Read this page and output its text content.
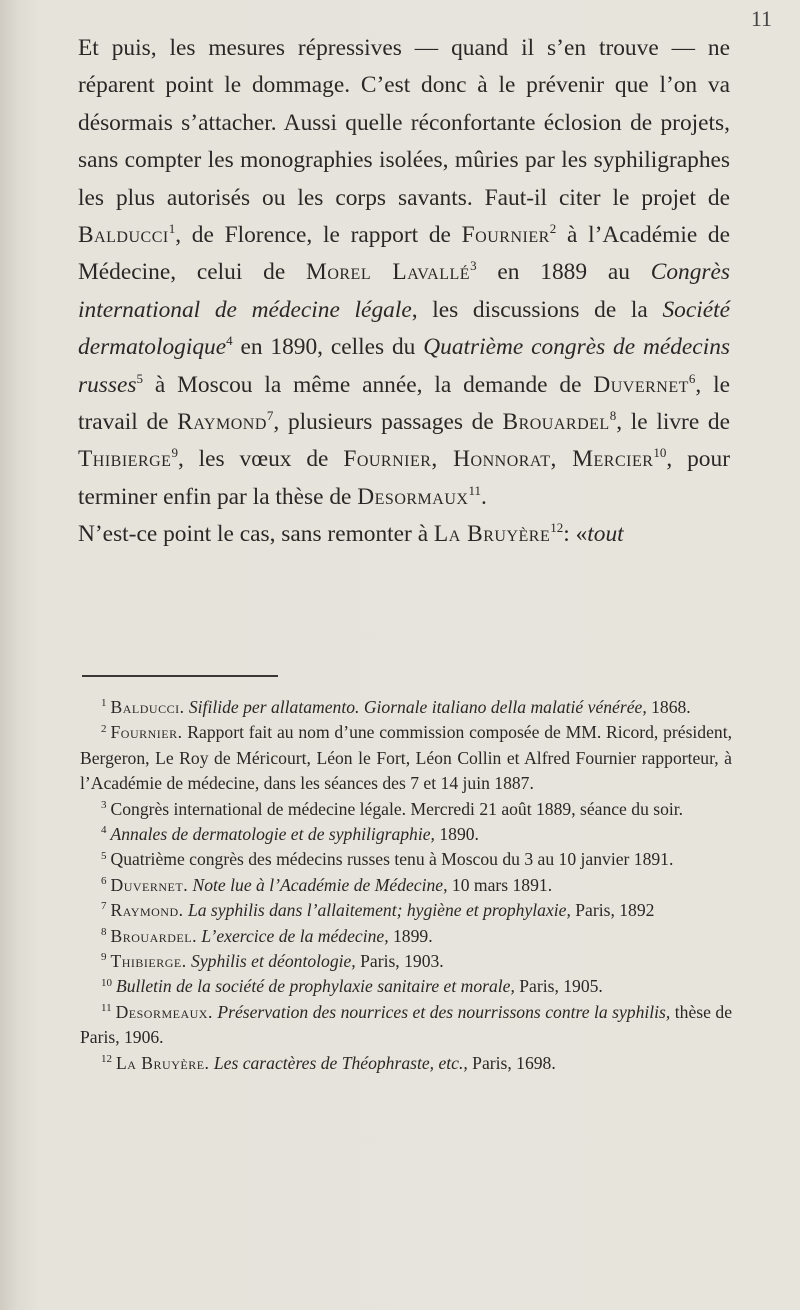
11

Et puis, les mesures répressives — quand il s’en trouve — ne réparent point le dommage. C’est donc à le prévenir que l’on va désormais s’attacher. Aussi quelle réconfortante éclosion de projets, sans compter les monographies isolées, mûries par les syphiligraphes les plus autorisés ou les corps savants. Faut-il citer le projet de Balducci$^1$, de Florence, le rapport de Fournier$^2$ à l’Académie de Médecine, celui de Morel Lavallé$^3$ en 1889 au Congrès international de médecine légale, les discussions de la Société dermatologique$^4$ en 1890, celles du Quatrième congrès de médecins russes$^5$ à Moscou la même année, la demande de Duvernet$^6$, le travail de Raymond$^7$, plusieurs passages de Brouardel$^8$, le livre de Thibierge$^9$, les vœux de Fournier, Honnorat, Mercier$^{10}$, pour terminer enfin par la thèse de Desormaux$^{11}$.

N’est-ce point le cas, sans remonter à La Bruyère$^{12}$: «tout

$^1$ Balducci. Sifilide per allatamento. Giornale italiano della malatié vénérée, 1868.

$^2$ Fournier. Rapport fait au nom d’une commission composée de MM. Ricord, président, Bergeron, Le Roy de Méricourt, Léon le Fort, Léon Collin et Alfred Fournier rapporteur, à l’Académie de médecine, dans les séances des 7 et 14 juin 1887.

$^3$ Congrès international de médecine légale. Mercredi 21 août 1889, séance du soir.

$^4$ Annales de dermatologie et de syphiligraphie, 1890.

$^5$ Quatrième congrès des médecins russes tenu à Moscou du 3 au 10 janvier 1891.

$^6$ Duvernet. Note lue à l’Académie de Médecine, 10 mars 1891.

$^7$ Raymond. La syphilis dans l’allaitement; hygiène et prophylaxie, Paris, 1892

$^8$ Brouardel. L’exercice de la médecine, 1899.

$^9$ Thibierge. Syphilis et déontologie, Paris, 1903.

$^{10}$ Bulletin de la société de prophylaxie sanitaire et morale, Paris, 1905.

$^{11}$ Desormeaux. Préservation des nourrices et des nourrissons contre la syphilis, thèse de Paris, 1906.

$^{12}$ La Bruyère. Les caractères de Théophraste, etc., Paris, 1698.
